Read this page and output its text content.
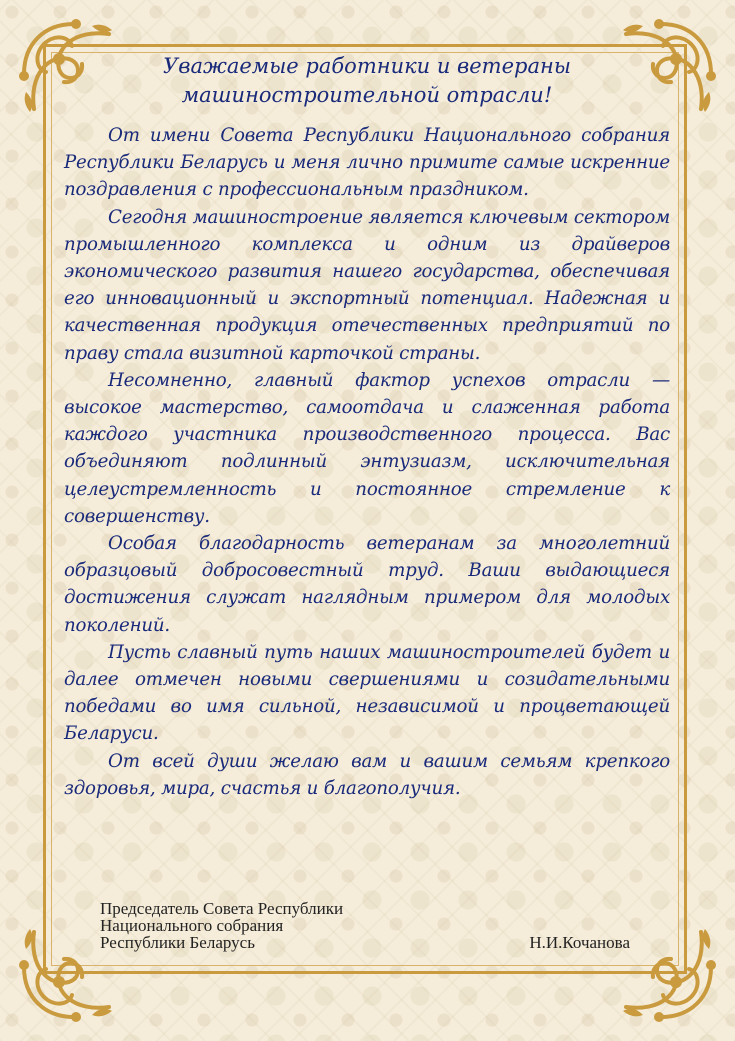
Уважаемые работники и ветераны
машиностроительной отрасли!

От имени Совета Республики Национального собрания Республики Беларусь и меня лично примите самые искренние поздравления с профессиональным праздником.

Сегодня машиностроение является ключевым сектором промышленного комплекса и одним из драйверов экономического развития нашего государства, обеспечивая его инновационный и экспортный потенциал. Надежная и качественная продукция отечественных предприятий по праву стала визитной карточкой страны.

Несомненно, главный фактор успехов отрасли — высокое мастерство, самоотдача и слаженная работа каждого участника производственного процесса. Вас объединяют подлинный энтузиазм, исключительная целеустремленность и постоянное стремление к совершенству.

Особая благодарность ветеранам за многолетний образцовый добросовестный труд. Ваши выдающиеся достижения служат наглядным примером для молодых поколений.

Пусть славный путь наших машиностроителей будет и далее отмечен новыми свершениями и созидательными победами во имя сильной, независимой и процветающей Беларуси.

От всей души желаю вам и вашим семьям крепкого здоровья, мира, счастья и благополучия.

Председатель Совета Республики
Национального собрания
Республики Беларусь	Н.И.Кочанова
